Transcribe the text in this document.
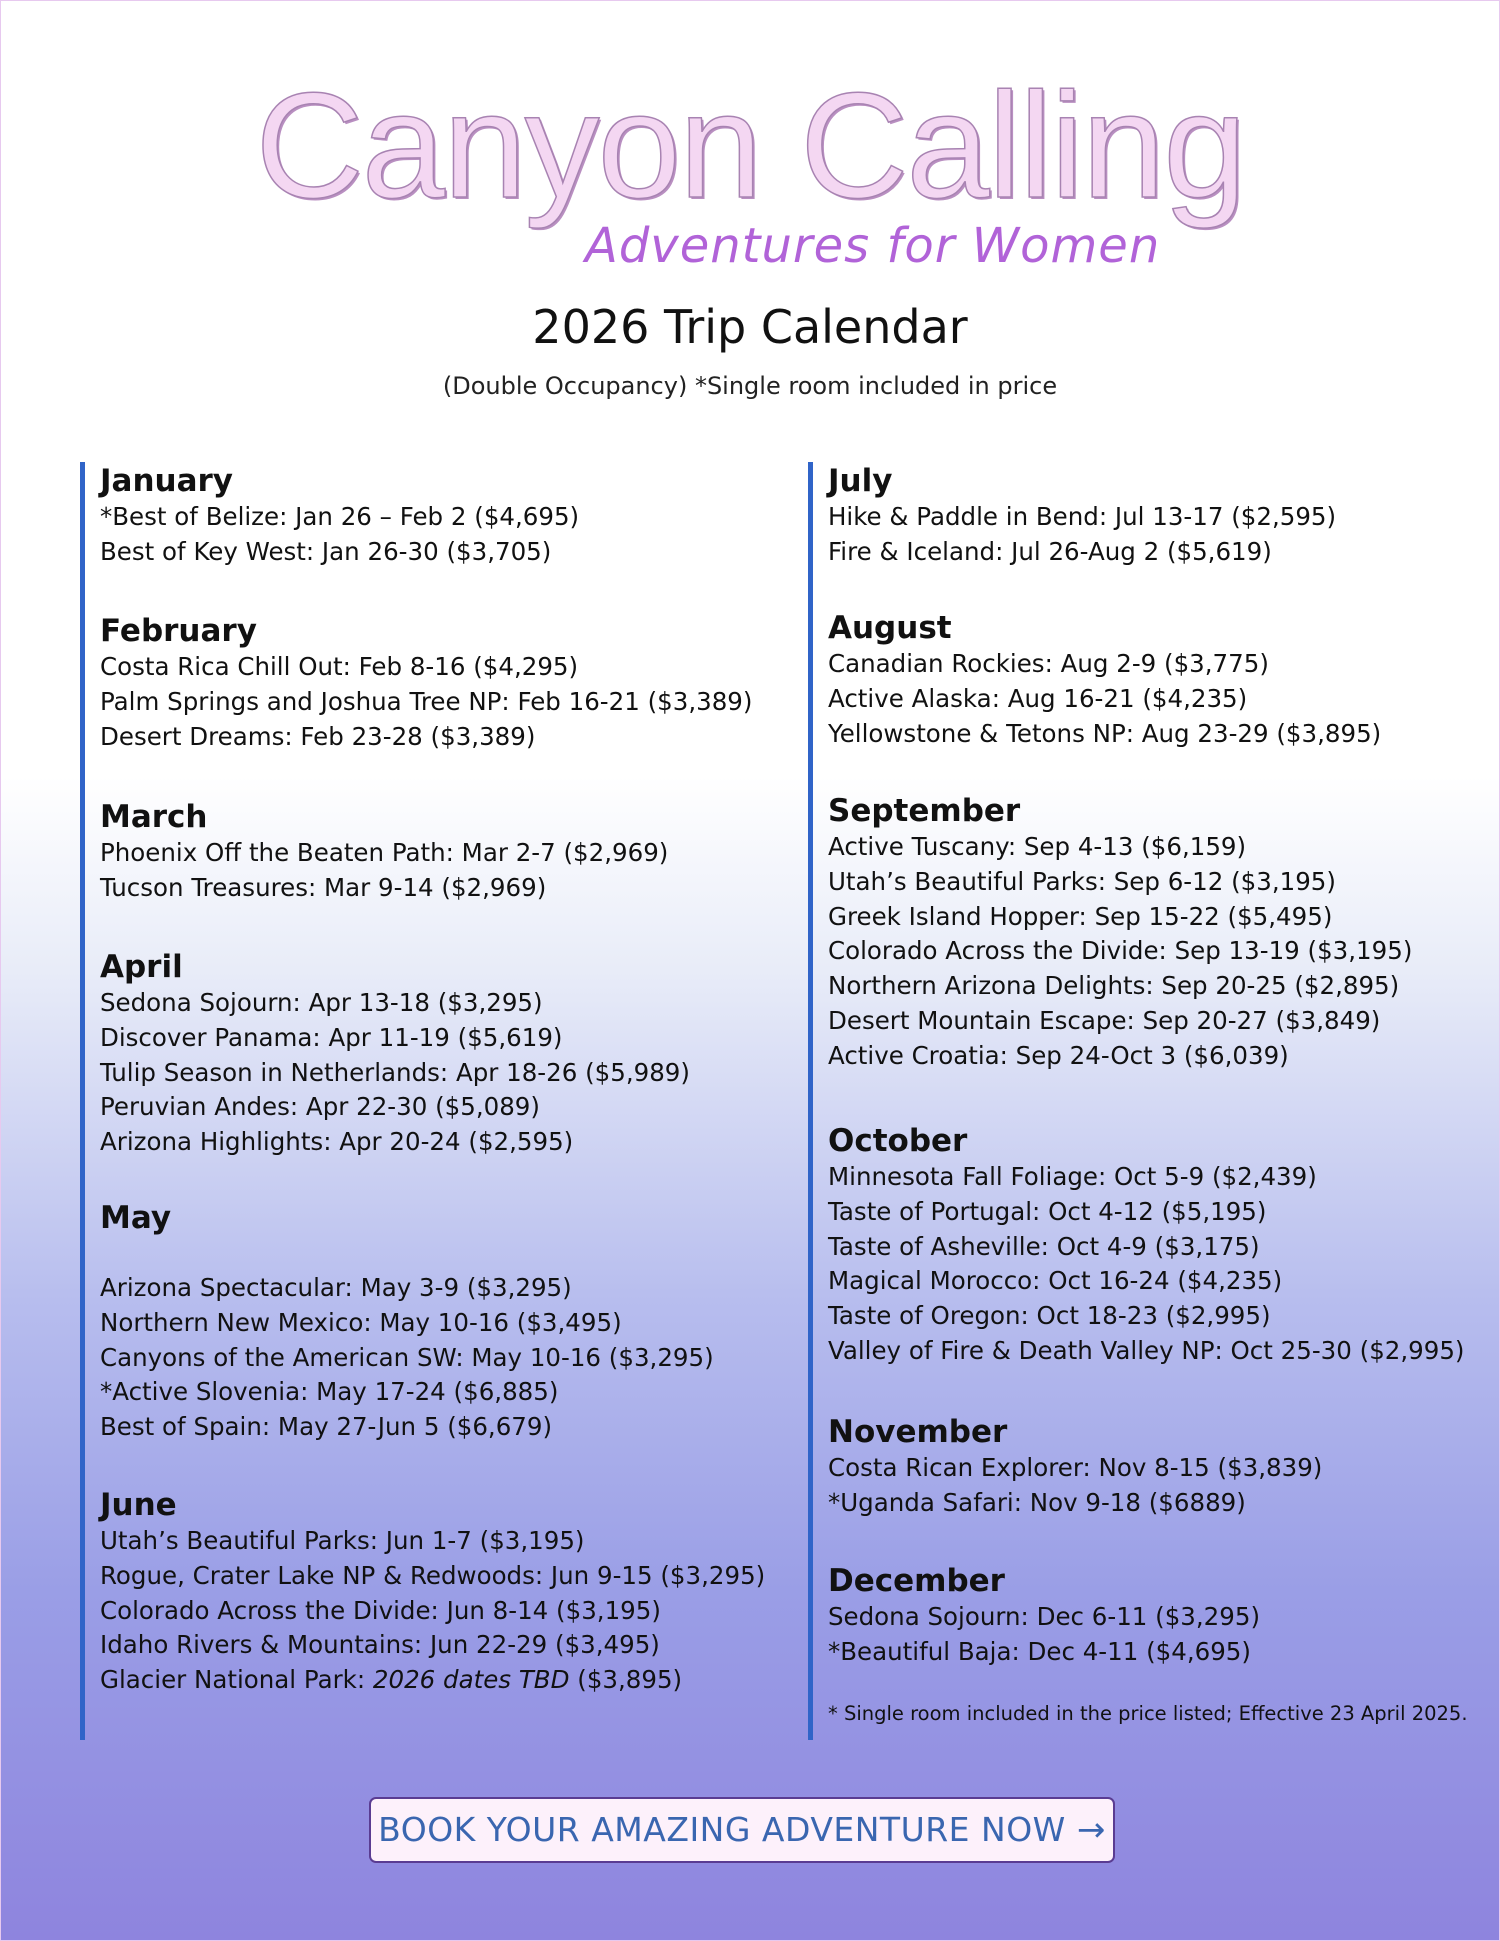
Canyon Calling
Adventures for Women
2026 Trip Calendar
(Double Occupancy) *Single room included in price
January
*Best of Belize: Jan 26 – Feb 2 ($4,695)
Best of Key West: Jan 26-30 ($3,705)
February
Costa Rica Chill Out: Feb 8-16 ($4,295)
Palm Springs and Joshua Tree NP: Feb 16-21 ($3,389)
Desert Dreams: Feb 23-28 ($3,389)
March
Phoenix Off the Beaten Path: Mar 2-7 ($2,969)
Tucson Treasures: Mar 9-14 ($2,969)
April
Sedona Sojourn: Apr 13-18 ($3,295)
Discover Panama: Apr 11-19 ($5,619)
Tulip Season in Netherlands: Apr 18-26 ($5,989)
Peruvian Andes: Apr 22-30 ($5,089)
Arizona Highlights: Apr 20-24 ($2,595)
May
Arizona Spectacular: May 3-9 ($3,295)
Northern New Mexico: May 10-16 ($3,495)
Canyons of the American SW: May 10-16 ($3,295)
*Active Slovenia: May 17-24 ($6,885)
Best of Spain: May 27-Jun 5 ($6,679)
June
Utah’s Beautiful Parks: Jun 1-7 ($3,195)
Rogue, Crater Lake NP & Redwoods: Jun 9-15 ($3,295)
Colorado Across the Divide: Jun 8-14 ($3,195)
Idaho Rivers & Mountains: Jun 22-29 ($3,495)
Glacier National Park: 2026 dates TBD ($3,895)
July
Hike & Paddle in Bend: Jul 13-17 ($2,595)
Fire & Iceland: Jul 26-Aug 2 ($5,619)
August
Canadian Rockies: Aug 2-9 ($3,775)
Active Alaska: Aug 16-21 ($4,235)
Yellowstone & Tetons NP: Aug 23-29 ($3,895)
September
Active Tuscany: Sep 4-13 ($6,159)
Utah’s Beautiful Parks: Sep 6-12 ($3,195)
Greek Island Hopper: Sep 15-22 ($5,495)
Colorado Across the Divide: Sep 13-19 ($3,195)
Northern Arizona Delights: Sep 20-25 ($2,895)
Desert Mountain Escape: Sep 20-27 ($3,849)
Active Croatia: Sep 24-Oct 3 ($6,039)
October
Minnesota Fall Foliage: Oct 5-9 ($2,439)
Taste of Portugal: Oct 4-12 ($5,195)
Taste of Asheville: Oct 4-9 ($3,175)
Magical Morocco: Oct 16-24 ($4,235)
Taste of Oregon: Oct 18-23 ($2,995)
Valley of Fire & Death Valley NP: Oct 25-30 ($2,995)
November
Costa Rican Explorer: Nov 8-15 ($3,839)
*Uganda Safari: Nov 9-18 ($6889)
December
Sedona Sojourn: Dec 6-11 ($3,295)
*Beautiful Baja: Dec 4-11 ($4,695)
* Single room included in the price listed; Effective 23 April 2025.
BOOK YOUR AMAZING ADVENTURE NOW →
